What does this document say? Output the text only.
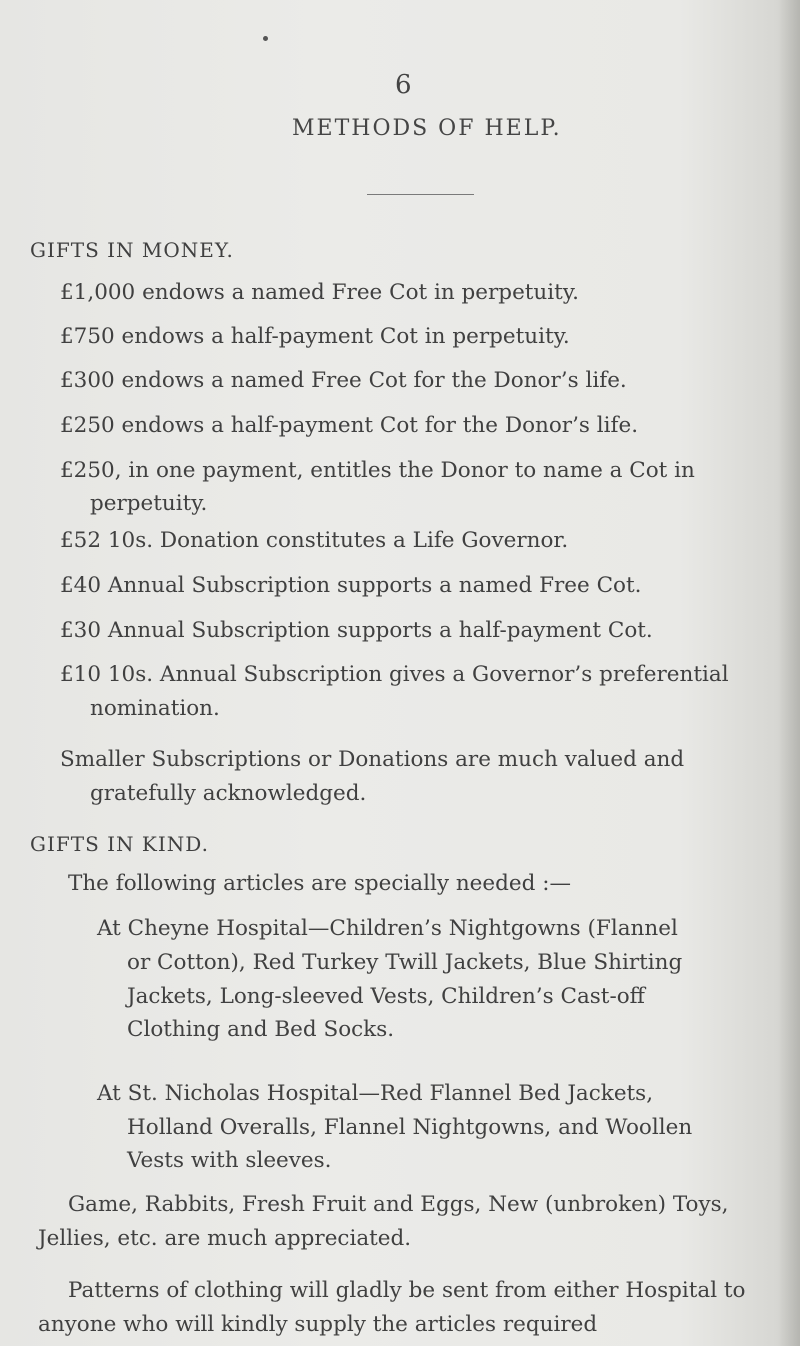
6
METHODS OF HELP.
GIFTS IN MONEY.
£1,000 endows a named Free Cot in perpetuity.
£750 endows a half-payment Cot in perpetuity.
£300 endows a named Free Cot for the Donor’s life.
£250 endows a half-payment Cot for the Donor’s life.
£250, in one payment, entitles the Donor to name a Cot in
perpetuity.
£52 10s. Donation constitutes a Life Governor.
£40 Annual Subscription supports a named Free Cot.
£30 Annual Subscription supports a half-payment Cot.
£10 10s. Annual Subscription gives a Governor’s preferential
nomination.
Smaller Subscriptions or Donations are much valued and
gratefully acknowledged.
GIFTS IN KIND.
The following articles are specially needed :—
At Cheyne Hospital—Children’s Nightgowns (Flannel
or Cotton), Red Turkey Twill Jackets, Blue Shirting
Jackets, Long-sleeved Vests, Children’s Cast-off
Clothing and Bed Socks.
At St. Nicholas Hospital—Red Flannel Bed Jackets,
Holland Overalls, Flannel Nightgowns, and Woollen
Vests with sleeves.
Game, Rabbits, Fresh Fruit and Eggs, New (unbroken) Toys,
Jellies, etc. are much appreciated.
Patterns of clothing will gladly be sent from either Hospital to
anyone who will kindly supply the articles required
